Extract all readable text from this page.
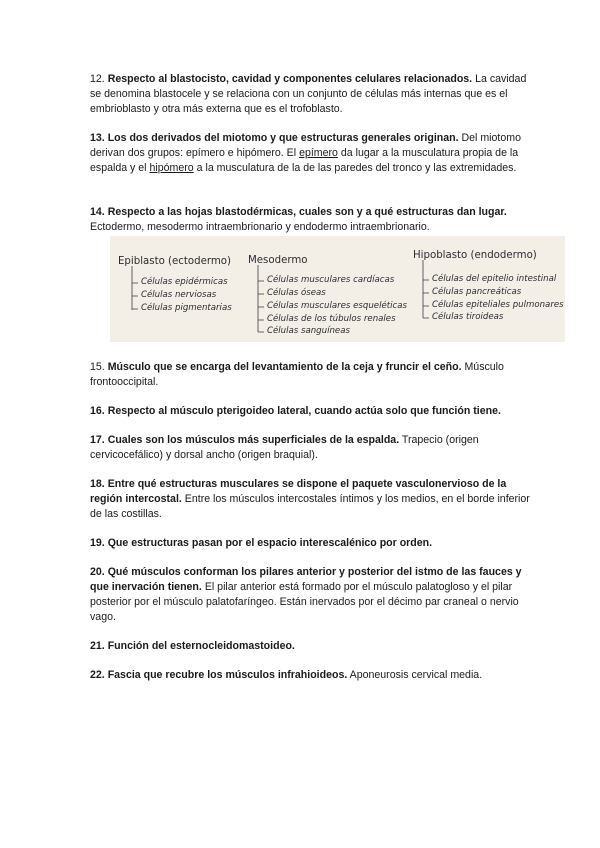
12. Respecto al blastocisto, cavidad y componentes celulares relacionados. La cavidad se denomina blastocele y se relaciona con un conjunto de células más internas que es el embrioblasto y otra más externa que es el trofoblasto.
13. Los dos derivados del miotomo y que estructuras generales originan. Del miotomo derivan dos grupos: epímero e hipómero. El epímero da lugar a la musculatura propia de la espalda y el hipómero a la musculatura de la de las paredes del tronco y las extremidades.
14. Respecto a las hojas blastodérmicas, cuales son y a qué estructuras dan lugar. Ectodermo, mesodermo intraembrionario y endodermo intraembrionario.
Epiblasto (ectodermo)
Células epidérmicas
Células nerviosas
Células pigmentarias
Mesodermo
Células musculares cardíacas
Células óseas
Células musculares esqueléticas
Células de los túbulos renales
Células sanguíneas
Hipoblasto (endodermo)
Células del epitelio intestinal
Células pancreáticas
Células epiteliales pulmonares
Células tiroideas
15. Músculo que se encarga del levantamiento de la ceja y fruncir el ceño. Músculo frontooccipital.
16. Respecto al músculo pterigoideo lateral, cuando actúa solo que función tiene.
17. Cuales son los músculos más superficiales de la espalda. Trapecio (origen cervicocefálico) y dorsal ancho (origen braquial).
18. Entre qué estructuras musculares se dispone el paquete vasculonervioso de la región intercostal. Entre los músculos intercostales íntimos y los medios, en el borde inferior de las costillas.
19. Que estructuras pasan por el espacio interescalénico por orden.
20. Qué músculos conforman los pilares anterior y posterior del istmo de las fauces y que inervación tienen. El pilar anterior está formado por el músculo palatogloso y el pilar posterior por el músculo palatofaríngeo. Están inervados por el décimo par craneal o nervio vago.
21. Función del esternocleidomastoideo.
22. Fascia que recubre los músculos infrahioideos. Aponeurosis cervical media.
